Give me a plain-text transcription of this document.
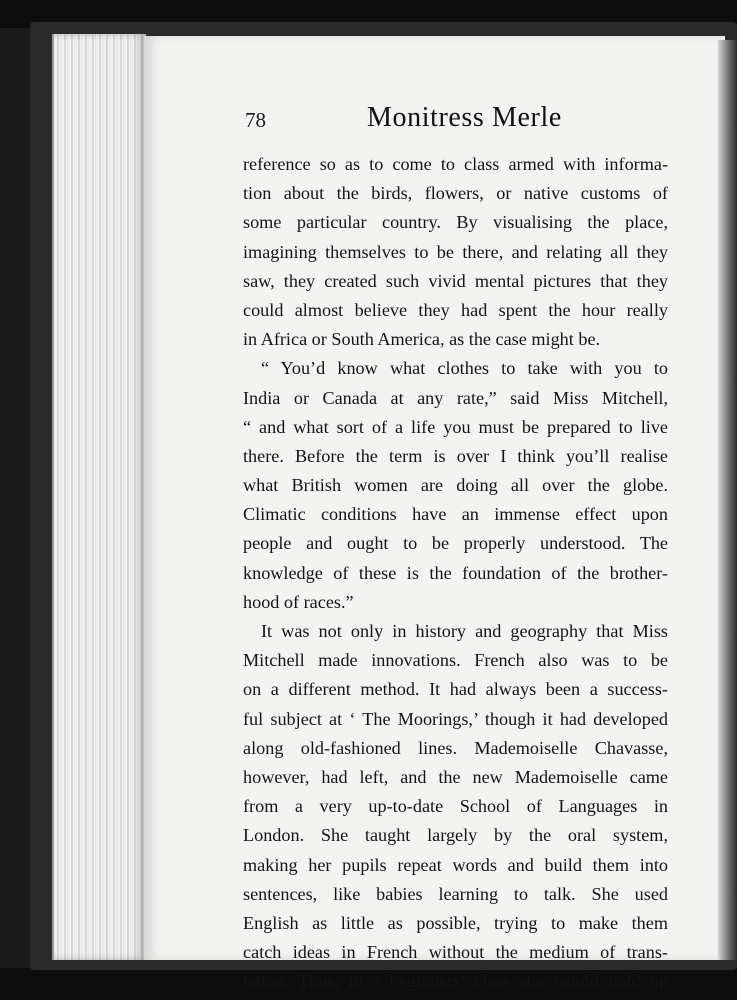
78	Monitress Merle
reference so as to come to class armed with informa-
tion about the birds, flowers, or native customs of
some particular country. By visualising the place,
imagining themselves to be there, and relating all they
saw, they created such vivid mental pictures that they
could almost believe they had spent the hour really
in Africa or South America, as the case might be.
“ You’d know what clothes to take with you to
India or Canada at any rate,” said Miss Mitchell,
“ and what sort of a life you must be prepared to live
there. Before the term is over I think you’ll realise
what British women are doing all over the globe.
Climatic conditions have an immense effect upon
people and ought to be properly understood. The
knowledge of these is the foundation of the brother-
hood of races.”
It was not only in history and geography that Miss
Mitchell made innovations. French also was to be
on a different method. It had always been a success-
ful subject at ‘ The Moorings,’ though it had developed
along old-fashioned lines. Mademoiselle Chavasse,
however, had left, and the new Mademoiselle came
from a very up-to-date School of Languages in
London. She taught largely by the oral system,
making her pupils repeat words and build them into
sentences, like babies learning to talk. She used
English as little as possible, trying to make them
catch ideas in French without the medium of trans-
lation. Thus, in a beginners’ class she would hold up
